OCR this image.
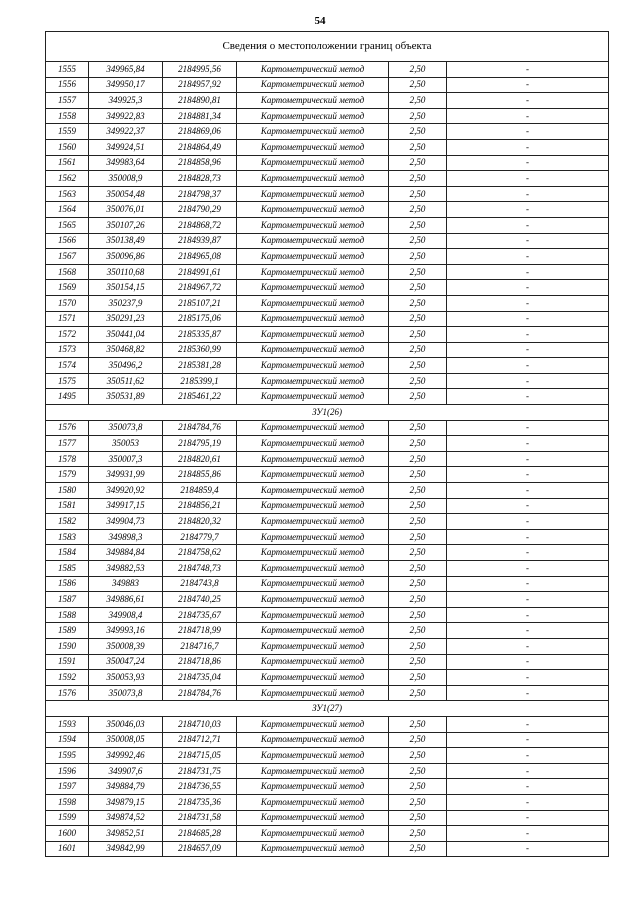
54
Сведения о местоположении границ объекта					
1555	349965,84	2184995,56	Картометрический метод	2,50	-
1556	349950,17	2184957,92	Картометрический метод	2,50	-
1557	349925,3	2184890,81	Картометрический метод	2,50	-
1558	349922,83	2184881,34	Картометрический метод	2,50	-
1559	349922,37	2184869,06	Картометрический метод	2,50	-
1560	349924,51	2184864,49	Картометрический метод	2,50	-
1561	349983,64	2184858,96	Картометрический метод	2,50	-
1562	350008,9	2184828,73	Картометрический метод	2,50	-
1563	350054,48	2184798,37	Картометрический метод	2,50	-
1564	350076,01	2184790,29	Картометрический метод	2,50	-
1565	350107,26	2184868,72	Картометрический метод	2,50	-
1566	350138,49	2184939,87	Картометрический метод	2,50	-
1567	350096,86	2184965,08	Картометрический метод	2,50	-
1568	350110,68	2184991,61	Картометрический метод	2,50	-
1569	350154,15	2184967,72	Картометрический метод	2,50	-
1570	350237,9	2185107,21	Картометрический метод	2,50	-
1571	350291,23	2185175,06	Картометрический метод	2,50	-
1572	350441,04	2185335,87	Картометрический метод	2,50	-
1573	350468,82	2185360,99	Картометрический метод	2,50	-
1574	350496,2	2185381,28	Картометрический метод	2,50	-
1575	350511,62	2185399,1	Картометрический метод	2,50	-
1495	350531,89	2185461,22	Картометрический метод	2,50	-
ЗУ1(26)					
1576	350073,8	2184784,76	Картометрический метод	2,50	-
1577	350053	2184795,19	Картометрический метод	2,50	-
1578	350007,3	2184820,61	Картометрический метод	2,50	-
1579	349931,99	2184855,86	Картометрический метод	2,50	-
1580	349920,92	2184859,4	Картометрический метод	2,50	-
1581	349917,15	2184856,21	Картометрический метод	2,50	-
1582	349904,73	2184820,32	Картометрический метод	2,50	-
1583	349898,3	2184779,7	Картометрический метод	2,50	-
1584	349884,84	2184758,62	Картометрический метод	2,50	-
1585	349882,53	2184748,73	Картометрический метод	2,50	-
1586	349883	2184743,8	Картометрический метод	2,50	-
1587	349886,61	2184740,25	Картометрический метод	2,50	-
1588	349908,4	2184735,67	Картометрический метод	2,50	-
1589	349993,16	2184718,99	Картометрический метод	2,50	-
1590	350008,39	2184716,7	Картометрический метод	2,50	-
1591	350047,24	2184718,86	Картометрический метод	2,50	-
1592	350053,93	2184735,04	Картометрический метод	2,50	-
1576	350073,8	2184784,76	Картометрический метод	2,50	-
ЗУ1(27)					
1593	350046,03	2184710,03	Картометрический метод	2,50	-
1594	350008,05	2184712,71	Картометрический метод	2,50	-
1595	349992,46	2184715,05	Картометрический метод	2,50	-
1596	349907,6	2184731,75	Картометрический метод	2,50	-
1597	349884,79	2184736,55	Картометрический метод	2,50	-
1598	349879,15	2184735,36	Картометрический метод	2,50	-
1599	349874,52	2184731,58	Картометрический метод	2,50	-
1600	349852,51	2184685,28	Картометрический метод	2,50	-
1601	349842,99	2184657,09	Картометрический метод	2,50	-
